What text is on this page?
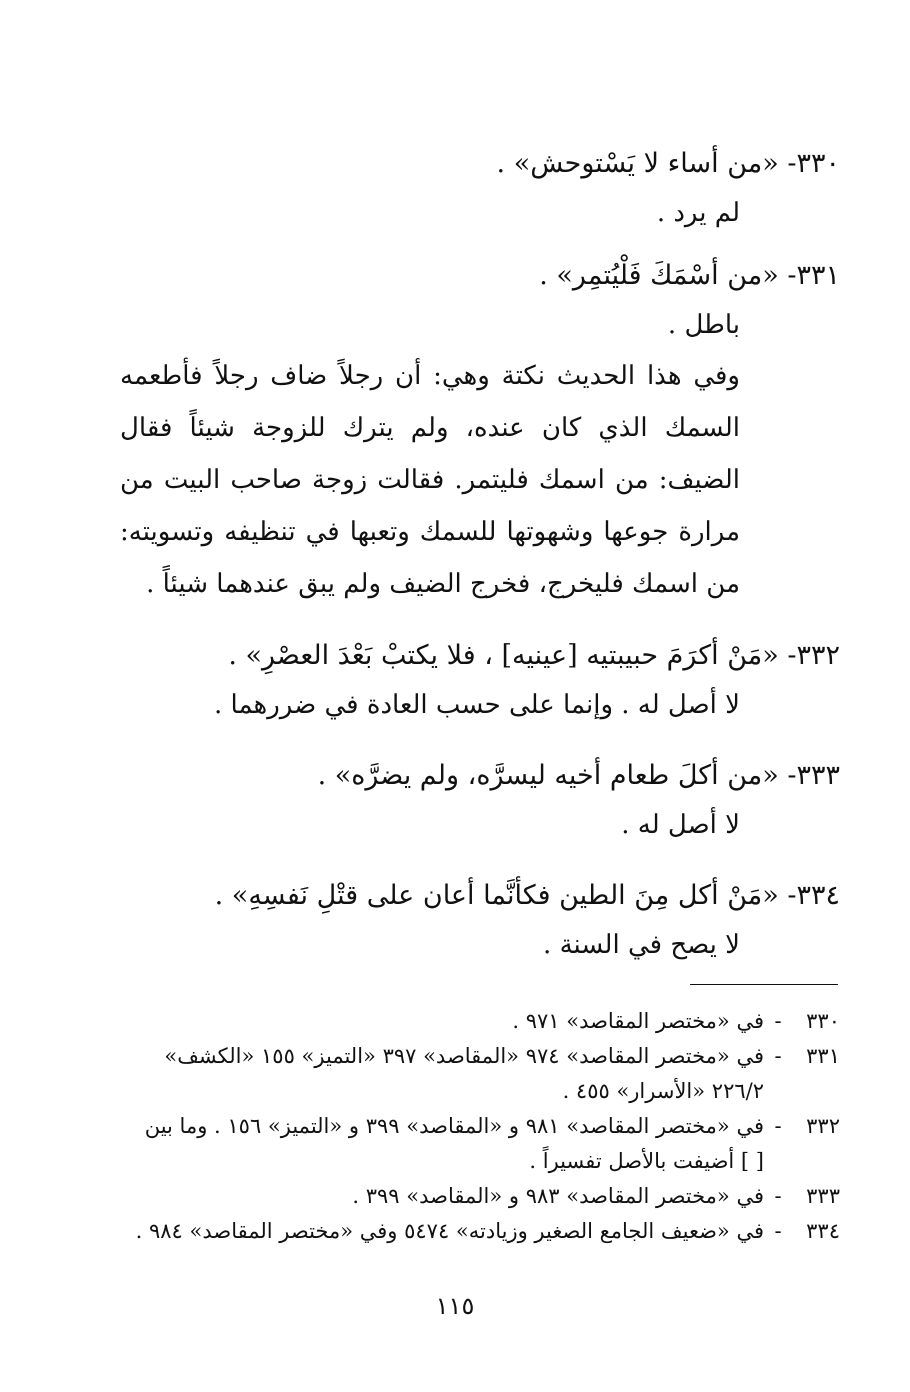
٣٣٠- «من أساء لا يَسْتوحش» .
لم يرد .
٣٣١- «من أسْمَكَ فَلْيُتمِر» .
باطل .
وفي هذا الحديث نكتة وهي: أن رجلاً ضاف رجلاً فأطعمه السمك الذي كان عنده، ولم يترك للزوجة شيئاً فقال الضيف: من اسمك فليتمر. فقالت زوجة صاحب البيت من مرارة جوعها وشهوتها للسمك وتعبها في تنظيفه وتسويته: من اسمك فليخرج، فخرج الضيف ولم يبق عندهما شيئاً .
٣٣٢- «مَنْ أكرَمَ حبيبتيه [عينيه] ، فلا يكتبْ بَعْدَ العصْرِ» .
لا أصل له . وإنما على حسب العادة في ضررهما .
٣٣٣- «من أكلَ طعام أخيه ليسرَّه، ولم يضرَّه» .
لا أصل له .
٣٣٤- «مَنْ أكل مِنَ الطين فكأنَّما أعان على قتْلِ نَفسِهِ» .
لا يصح في السنة .
٣٣٠
-
في «مختصر المقاصد» ٩٧١ .
٣٣١
-
في «مختصر المقاصد» ٩٧٤ «المقاصد» ٣٩٧ «التميز» ١٥٥ «الكشف» ٢٢٦/٢ «الأسرار» ٤٥٥ .
٣٣٢
-
في «مختصر المقاصد» ٩٨١ و «المقاصد» ٣٩٩ و «التميز» ١٥٦ . وما بين [ ] أضيفت بالأصل تفسيراً .
٣٣٣
-
في «مختصر المقاصد» ٩٨٣ و «المقاصد» ٣٩٩ .
٣٣٤
-
في «ضعيف الجامع الصغير وزيادته» ٥٤٧٤ وفي «مختصر المقاصد» ٩٨٤ .
١١٥
